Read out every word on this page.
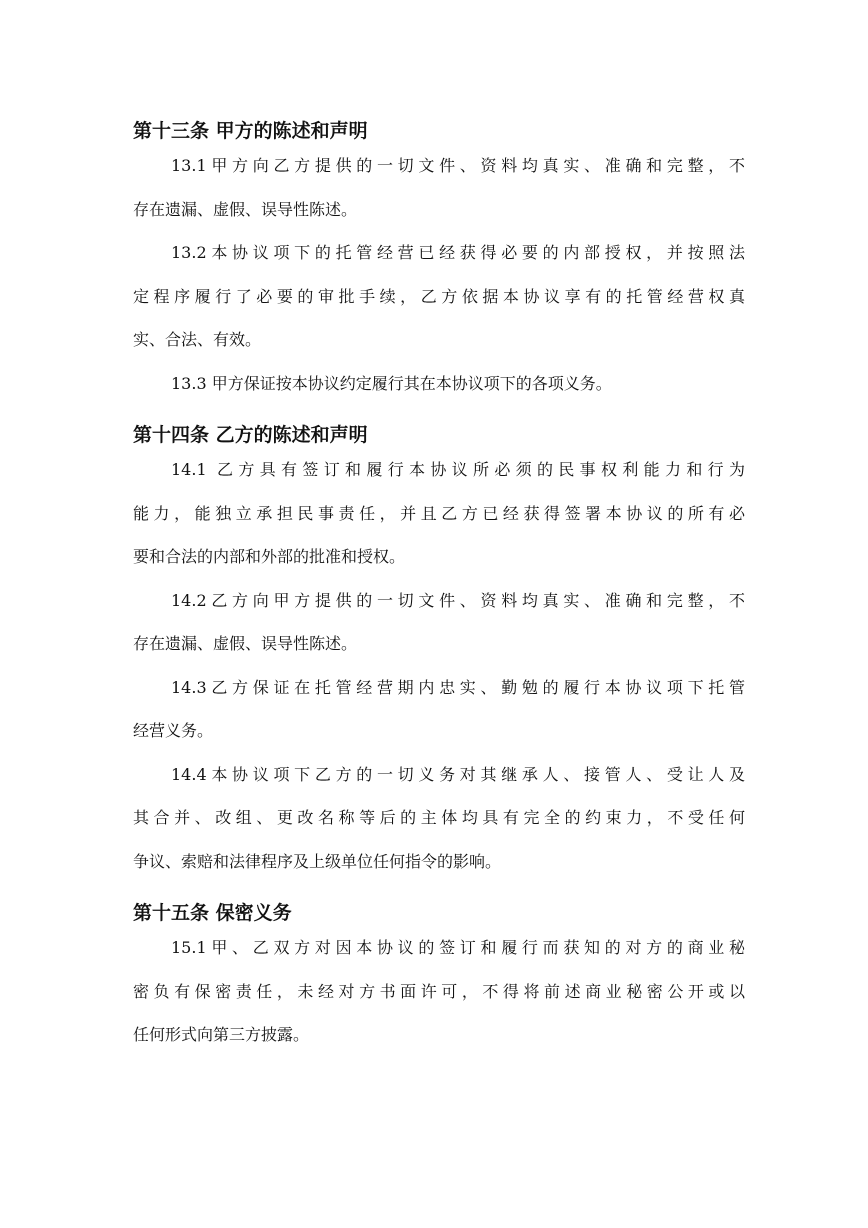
第十三条 甲方的陈述和声明
13.1甲方向乙方提供的一切文件、资料均真实、准确和完整，不
存在遗漏、虚假、误导性陈述。
13.2本协议项下的托管经营已经获得必要的内部授权，并按照法
定程序履行了必要的审批手续，乙方依据本协议享有的托管经营权真
实、合法、有效。
13.3 甲方保证按本协议约定履行其在本协议项下的各项义务。
第十四条 乙方的陈述和声明
14.1 乙方具有签订和履行本协议所必须的民事权利能力和行为
能力，能独立承担民事责任，并且乙方已经获得签署本协议的所有必
要和合法的内部和外部的批准和授权。
14.2乙方向甲方提供的一切文件、资料均真实、准确和完整，不
存在遗漏、虚假、误导性陈述。
14.3乙方保证在托管经营期内忠实、勤勉的履行本协议项下托管
经营义务。
14.4本协议项下乙方的一切义务对其继承人、接管人、受让人及
其合并、改组、更改名称等后的主体均具有完全的约束力，不受任何
争议、索赔和法律程序及上级单位任何指令的影响。
第十五条 保密义务
15.1甲、乙双方对因本协议的签订和履行而获知的对方的商业秘
密负有保密责任，未经对方书面许可，不得将前述商业秘密公开或以
任何形式向第三方披露。
